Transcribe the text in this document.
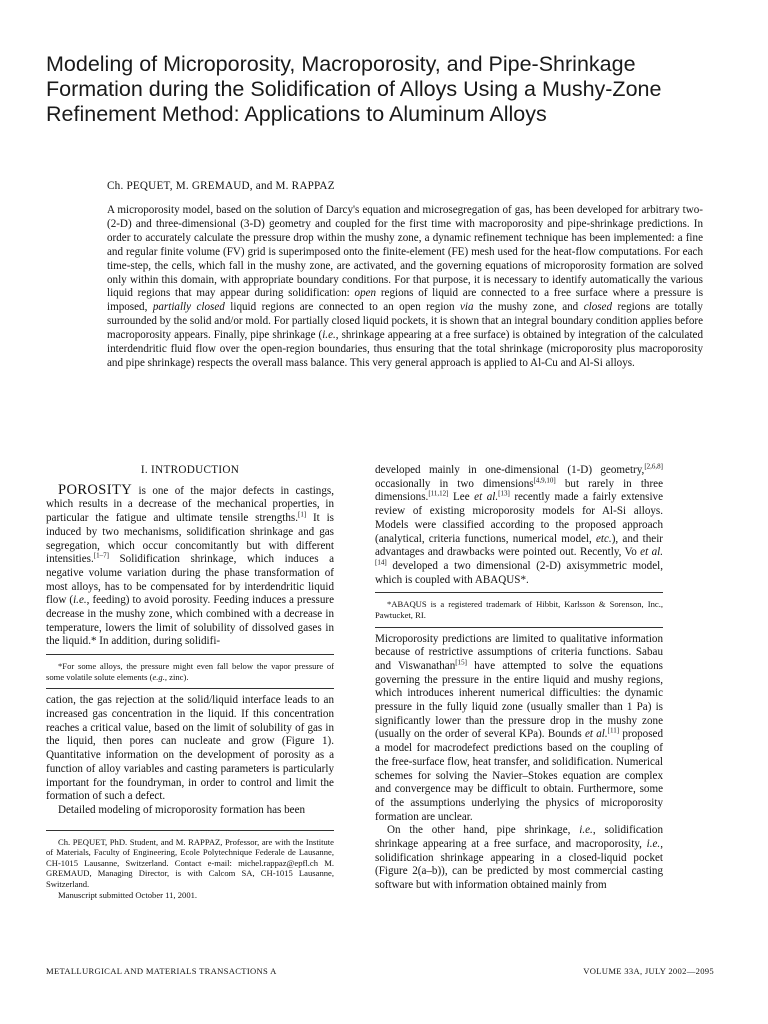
Modeling of Microporosity, Macroporosity, and Pipe-Shrinkage Formation during the Solidification of Alloys Using a Mushy-Zone Refinement Method: Applications to Aluminum Alloys

Ch. PEQUET, M. GREMAUD, and M. RAPPAZ

A microporosity model, based on the solution of Darcy's equation and microsegregation of gas, has been developed for arbitrary two- (2-D) and three-dimensional (3-D) geometry and coupled for the first time with macroporosity and pipe-shrinkage predictions. In order to accurately calculate the pressure drop within the mushy zone, a dynamic refinement technique has been implemented: a fine and regular finite volume (FV) grid is superimposed onto the finite-element (FE) mesh used for the heat-flow computations. For each time-step, the cells, which fall in the mushy zone, are activated, and the governing equations of microporosity formation are solved only within this domain, with appropriate boundary conditions. For that purpose, it is necessary to identify automatically the various liquid regions that may appear during solidification: open regions of liquid are connected to a free surface where a pressure is imposed, partially closed liquid regions are connected to an open region via the mushy zone, and closed regions are totally surrounded by the solid and/or mold. For partially closed liquid pockets, it is shown that an integral boundary condition applies before macroporosity appears. Finally, pipe shrinkage (i.e., shrinkage appearing at a free surface) is obtained by integration of the calculated interdendritic fluid flow over the open-region boundaries, thus ensuring that the total shrinkage (microporosity plus macroporosity and pipe shrinkage) respects the overall mass balance. This very general approach is applied to Al-Cu and Al-Si alloys.

I. INTRODUCTION

POROSITY is one of the major defects in castings, which results in a decrease of the mechanical properties, in particular the fatigue and ultimate tensile strengths.[1] It is induced by two mechanisms, solidification shrinkage and gas segregation, which occur concomitantly but with different intensities.[1–7] Solidification shrinkage, which induces a negative volume variation during the phase transformation of most alloys, has to be compensated for by interdendritic liquid flow (i.e., feeding) to avoid porosity. Feeding induces a pressure decrease in the mushy zone, which combined with a decrease in temperature, lowers the limit of solubility of dissolved gases in the liquid.* In addition, during solidifi-

*For some alloys, the pressure might even fall below the vapor pressure of some volatile solute elements (e.g., zinc).

cation, the gas rejection at the solid/liquid interface leads to an increased gas concentration in the liquid. If this concentration reaches a critical value, based on the limit of solubility of gas in the liquid, then pores can nucleate and grow (Figure 1). Quantitative information on the development of porosity as a function of alloy variables and casting parameters is particularly important for the foundryman, in order to control and limit the formation of such a defect.

Detailed modeling of microporosity formation has been

Ch. PEQUET, PhD. Student, and M. RAPPAZ, Professor, are with the Institute of Materials, Faculty of Engineering, Ecole Polytechnique Federale de Lausanne, CH-1015 Lausanne, Switzerland. Contact e-mail: michel.rappaz@epfl.ch M. GREMAUD, Managing Director, is with Calcom SA, CH-1015 Lausanne, Switzerland.

Manuscript submitted October 11, 2001.

developed mainly in one-dimensional (1-D) geometry,[2,6,8] occasionally in two dimensions[4,9,10] but rarely in three dimensions.[11,12] Lee et al.[13] recently made a fairly extensive review of existing microporosity models for Al-Si alloys. Models were classified according to the proposed approach (analytical, criteria functions, numerical model, etc.), and their advantages and drawbacks were pointed out. Recently, Vo et al.[14] developed a two dimensional (2-D) axisymmetric model, which is coupled with ABAQUS*.

*ABAQUS is a registered trademark of Hibbit, Karlsson & Sorenson, Inc., Pawtucket, RI.

Microporosity predictions are limited to qualitative information because of restrictive assumptions of criteria functions. Sabau and Viswanathan[15] have attempted to solve the equations governing the pressure in the entire liquid and mushy regions, which introduces inherent numerical difficulties: the dynamic pressure in the fully liquid zone (usually smaller than 1 Pa) is significantly lower than the pressure drop in the mushy zone (usually on the order of several KPa). Bounds et al.[11] proposed a model for macrodefect predictions based on the coupling of the free-surface flow, heat transfer, and solidification. Numerical schemes for solving the Navier–Stokes equation are complex and convergence may be difficult to obtain. Furthermore, some of the assumptions underlying the physics of microporosity formation are unclear.

On the other hand, pipe shrinkage, i.e., solidification shrinkage appearing at a free surface, and macroporosity, i.e., solidification shrinkage appearing in a closed-liquid pocket (Figure 2(a–b)), can be predicted by most commercial casting software but with information obtained mainly from

METALLURGICAL AND MATERIALS TRANSACTIONS A	VOLUME 33A, JULY 2002—2095
